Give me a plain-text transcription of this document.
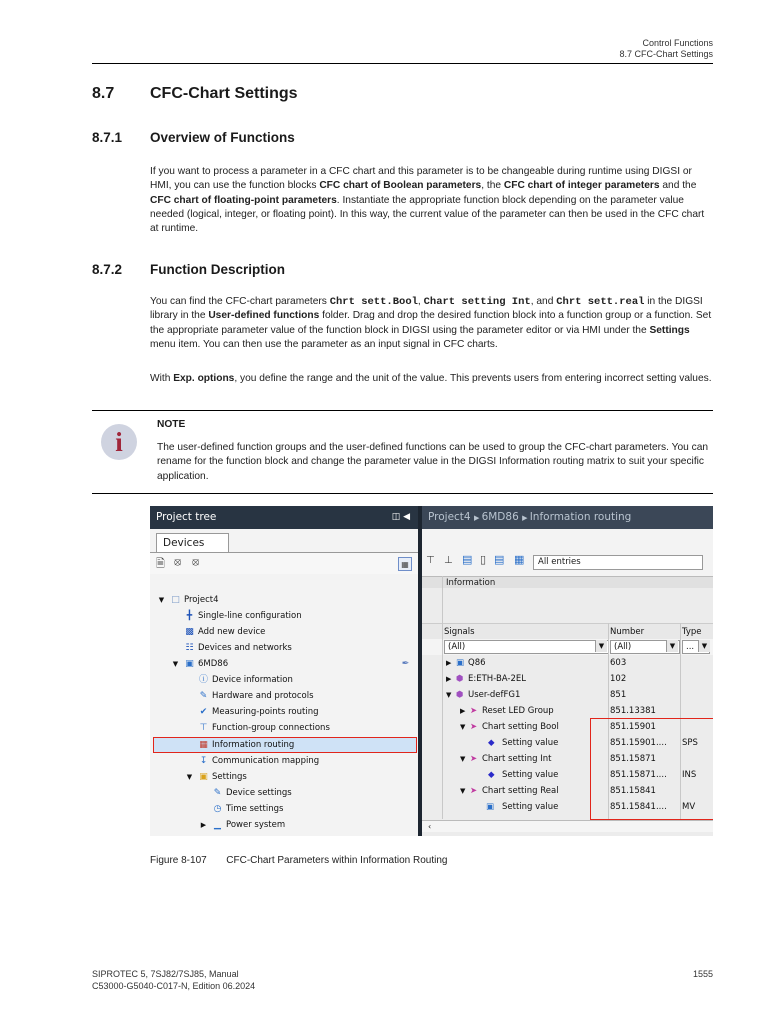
Control Functions
8.7 CFC-Chart Settings
8.7 CFC-Chart Settings
8.7.1 Overview of Functions
If you want to process a parameter in a CFC chart and this parameter is to be changeable during runtime using DIGSI or HMI, you can use the function blocks CFC chart of Boolean parameters, the CFC chart of integer parameters and the CFC chart of floating-point parameters. Instantiate the appropriate function block depending on the parameter value needed (logical, integer, or floating point). In this way, the current value of the parameter can then be used in the CFC chart at runtime.
8.7.2 Function Description
You can find the CFC-chart parameters Chrt sett.Bool, Chart setting Int, and Chrt sett.real in the DIGSI library in the User-defined functions folder. Drag and drop the desired function block into a function group or a function. Set the appropriate parameter value of the function block in DIGSI using the parameter editor or via HMI under the Settings menu item. You can then use the parameter as an input signal in CFC charts.
With Exp. options, you define the range and the unit of the value. This prevents users from entering incorrect setting values.
i
NOTE
The user-defined function groups and the user-defined functions can be used to group the CFC-chart parameters. You can rename for the function block and change the parameter value in the DIGSI Information routing matrix to suit your specific application.
Project tree	◫ ◀
Devices
🗎 ⦻ ⦻	▦
▼ □ Project4
╋ Single-line configuration
▩ Add new device
☷ Devices and networks
▼ ▣ 6MD86	✒
ⓘ Device information
✎ Hardware and protocols
✔ Measuring-points routing
⊤ Function-group connections
▦ Information routing
↧ Communication mapping
▼ ▣ Settings
✎ Device settings
◷ Time settings
▶ ▁ Power system
Project4 ▶ 6MD86 ▶ Information routing
⊤ ⊥ ▤ ▯ ▤ ▦	All entries
Information
Signals	Number	Type
(All)	▼	(All)	▼	...	▼
▶ ▣ Q86	603
▶ ⬢ E:ETH-BA-2EL	102
▼ ⬢ User-defFG1	851
▶ ➤ Reset LED Group	851.13381
▼ ➤ Chart setting Bool	851.15901
◆ Setting value	851.15901.... SPS
▼ ➤ Chart setting Int	851.15871
◆ Setting value	851.15871.... INS
▼ ➤ Chart setting Real	851.15841
▣ Setting value	851.15841.... MV
‹
Figure 8-107 CFC-Chart Parameters within Information Routing
SIPROTEC 5, 7SJ82/7SJ85, Manual
C53000-G5040-C017-N, Edition 06.2024
1555
